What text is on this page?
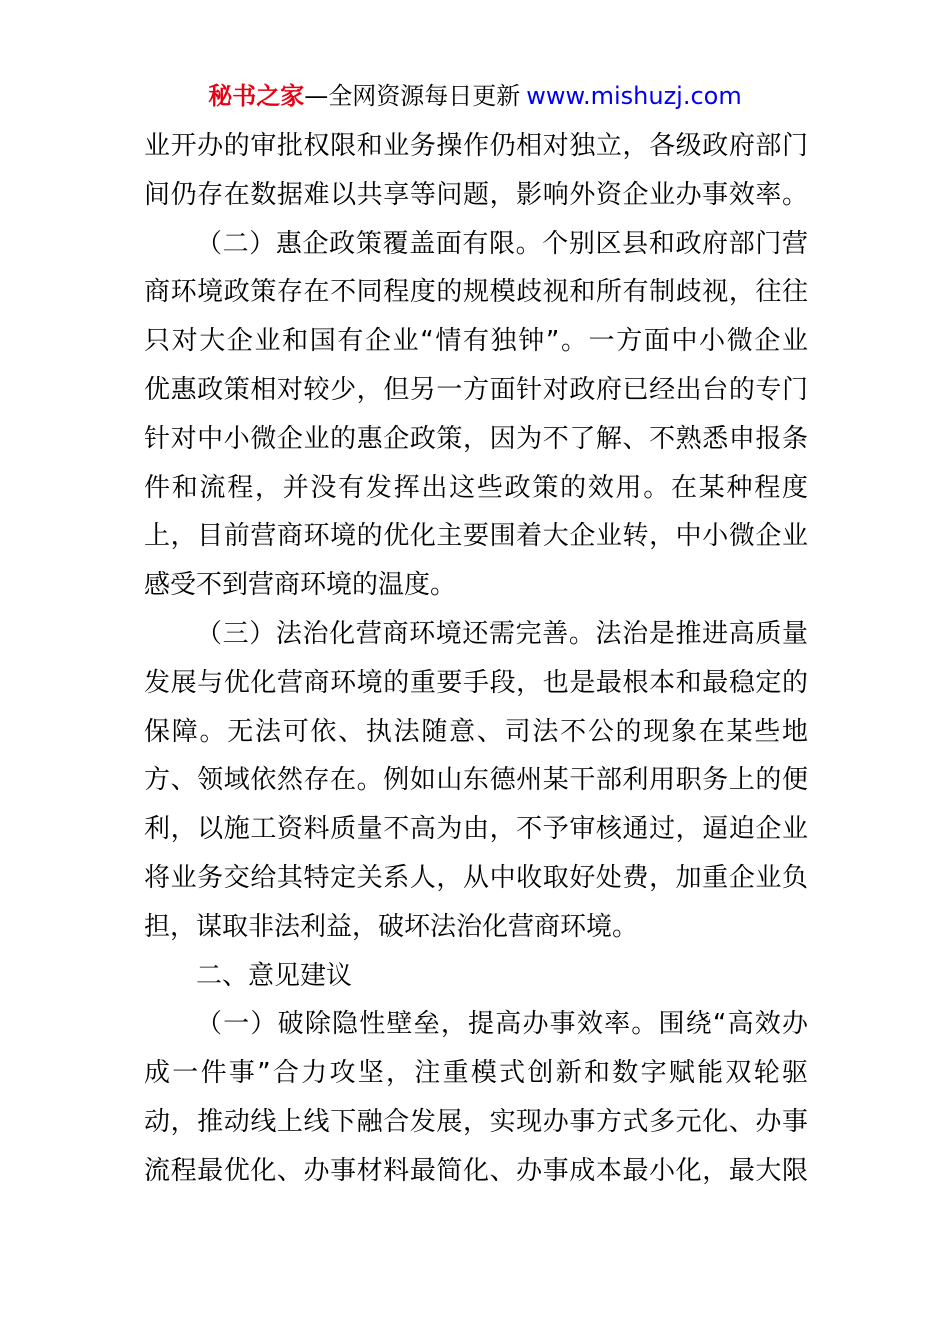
秘书之家—全网资源每日更新 www.mishuzj.com
业开办的审批权限和业务操作仍相对独立，各级政府部门
间仍存在数据难以共享等问题，影响外资企业办事效率。
（二）惠企政策覆盖面有限。个别区县和政府部门营
商环境政策存在不同程度的规模歧视和所有制歧视，往往
只对大企业和国有企业“情有独钟”。一方面中小微企业
优惠政策相对较少，但另一方面针对政府已经出台的专门
针对中小微企业的惠企政策，因为不了解、不熟悉申报条
件和流程，并没有发挥出这些政策的效用。在某种程度
上，目前营商环境的优化主要围着大企业转，中小微企业
感受不到营商环境的温度。
（三）法治化营商环境还需完善。法治是推进高质量
发展与优化营商环境的重要手段，也是最根本和最稳定的
保障。无法可依、执法随意、司法不公的现象在某些地
方、领域依然存在。例如山东德州某干部利用职务上的便
利，以施工资料质量不高为由，不予审核通过，逼迫企业
将业务交给其特定关系人，从中收取好处费，加重企业负
担，谋取非法利益，破坏法治化营商环境。
二、意见建议
（一）破除隐性壁垒，提高办事效率。围绕“高效办
成一件事”合力攻坚，注重模式创新和数字赋能双轮驱
动，推动线上线下融合发展，实现办事方式多元化、办事
流程最优化、办事材料最简化、办事成本最小化，最大限
